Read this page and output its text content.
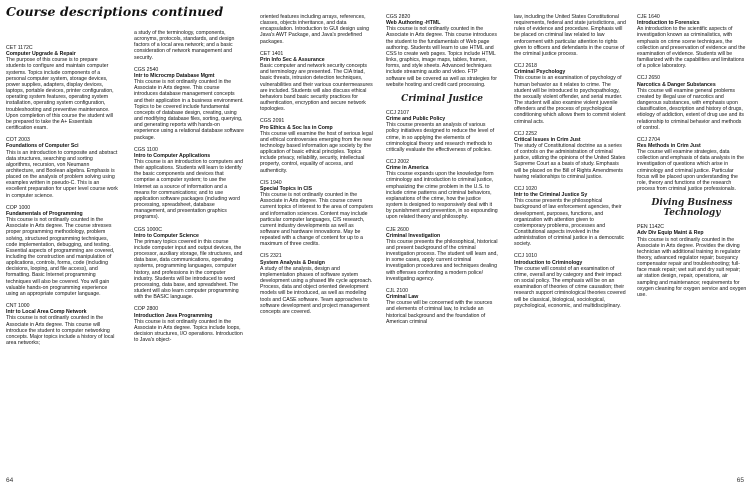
Course descriptions continued
CET 1172C
Computer Upgrade & Repair
The purpose of this course is to prepare students to configure and maintain computer systems. Topics include components of a personal computer system, storage devices, power supplies, adapters, display devices, laptops, portable devices, printer configuration, operating system features, operating system installation, operating system configuration, troubleshooting and preventive maintenance. Upon completion of this course the student will be prepared to take the A+ Essentials certification exam.
COT 2003
Foundations of Computer Sci
This is an introduction to composite and abstract data structures, searching and sorting algorithms, recursion, von Neumann architecture, and Boolean algebra. Emphasis is placed on the analysis of problem solving using examples written in pseudo-C. This is an excellent preparation for upper level course work in computer science.
COP 1000
Fundamentals of Programming
This course is not ordinarily counted in the Associate in Arts degree. The course stresses proper programming methodology, problem solving, structured programming techniques, code implementation, debugging, and testing. Essential aspects of programming are covered, including the construction and manipulation of applications, controls, forms, code (including decisions, looping, and file access), and formatting. Basic Internet programming techniques will also be covered. You will gain valuable hands-on programming experience using an appropriate computer language.
CNT 1000
Intr to Local Area Comp Network
This course is not ordinarily counted in the Associate in Arts degree. This course will introduce the student to computer networking concepts. Major topics include a history of local area networks;
a study of the terminology, components, acronyms, protocols, standards, and design factors of a local area network; and a basic consideration of network management and security.
CGS 2540
Intr to Microcmp Database Mgmt
This course is not ordinarily counted in the Associate in Arts degree. This course introduces database management concepts and their application in a business environment. Topics to be covered include fundamental concepts of database design, creating, using and modifying database files, sorting, querying, and generating reports with hands-on experience using a relational database software package.
CGS 1100
Intro to Computer Applications
This course is an introduction to computers and their applications. Students will learn to identify the basic components and devices that comprise a computer system; to use the Internet as a source of information and a means for communications; and to use application software packages (including word processing, spreadsheet, database management, and presentation graphics programs).
CGS 1000C
Intro to Computer Science
The primary topics covered in this course include computer input and output devices, the processor, auxiliary storage, file structures, and data base, data communications, operating systems, programming languages, computer history, and professions in the computer industry. Students will be introduced to word processing, data base, and spreadsheet. The student will also learn computer programming with the BASIC language.
COP 2800
Introduction Java Programming
This course is not ordinarily counted in the Associate in Arts degree. Topics include loops, decision structures, I/O operations. Introduction to Java's object-
oriented features including arrays, references, classes, objects inheritance, and data encapsulation. Introduction to GUI design using Java's AWT Package, and Java's predefined packages.
CET 1401
Prin Info Sec & Assurance
Basic computer and network security concepts and terminology are presented. The CIA triad, basic threats, intrusion detection techniques, vulnerabilities and their various countermeasures are included. Students will also discuss ethical behaviors band basic security practices for authentication, encryption and secure network topologies.
CGS 2091
Pro Ethics & Soc Iss in Comp
This course will examine the host of serious legal and ethical controversies emerging from the new technology based information age society by the application of basic ethical principles. Topics include privacy, reliability, security, intellectual property, control, equality of access, and authenticity.
CIS 1940
Special Topics in CIS
This course is not ordinarily counted in the Associate in Arts degree. This course covers current topics of interest to the area of computers and information sciences. Content may include particular computer languages, CIS research, current industry developments as well as software and hardware innovations. May be repeated with a change of content for up to a maximum of three credits.
CIS 2321
System Analysis & Design
A study of the analysis, design and implementation phases of software system development using a phased life cycle approach. Process, data and object oriented development models will be introduced, as well as modeling tools and CASE software. Team approaches to software development and project management concepts are covered.
CGS 2820
Web Authoring -HTML
This course is not ordinarily counted in the Associate in Arts degree. This course introduces the student to the fundamentals of Web page authoring. Students will learn to use HTML and CSS to create web pages. Topics include HTML links, graphics, image maps, tables, frames, forms, and style sheets. Advanced techniques include streaming audio and video. FTP software will be covered as well as strategies for website hosting and credit card processing.
Criminal Justice
CCJ 2107
Crime and Public Policy
This course presents an analysis of various policy initiatives designed to reduce the level of crime, in so applying the elements of criminological theory and research methods to critically evaluate the effectiveness of policies.
CCJ 2002
Crime in America
This course expands upon the knowledge form criminology and introduction to criminal justice, emphasizing the crime problem in the U.S. to include crime patterns and criminal behaviors, explanations of the crime, how the justice system is designed to responsively deal with it by punishment and prevention, in so expounding upon related theory and philosophy.
CJE 2600
Criminal Investigation
This course presents the philosophical, historical and present background of the criminal investigation process. The student will learn and, in some cases, apply current criminal investigation procedures and techniques dealing with offenses confronting a modern police/ investigating agency.
CJL 2100
Criminal Law
The course will be concerned with the sources and elements of criminal law, to include an historical background and the foundation of American criminal
law, including the United States Constitutional requirements, federal and state jurisdictions, and rules of evidence and procedure. Emphasis will be placed on criminal law related to law enforcement with particular attention to rights given to officers and defendants in the course of the criminal justice process.
CCJ 2618
Criminal Psychology
This course is an examination of psychology of human behavior as it relates to crime. The student will be introduced to psychopathology, the sexually violent offender, and serial murder. The student will also examine violent juvenile offenders and the process of psychological conditioning which allows them to commit violent criminal acts.
CCJ 2252
Critical Issues in Crim Just
The study of Constitutional doctrine as a series of controls on the administration of criminal justice, utilizing the opinions of the United States Supreme Court as a basis of study. Emphasis will be placed on the Bill of Rights Amendments having relationships to criminal justice.
CCJ 1020
Intr to the Criminal Justice Sy
This course presents the philosophical background of law enforcement agencies, their development, purposes, functions, and organization with attention given to contemporary problems, processes and Constitutional aspects involved in the administration of criminal justice in a democratic society.
CCJ 1010
Introduction to Criminology
The course will consist of an examination of crime, overall and by category and their impact on social policy. The emphasis will be on an examination of theories of crime causation; their research support criminological theories covered will be classical, biological, sociological, psychological, economic, and multidisciplinary.
CJE 1640
Introduction to Forensics
An introduction to the scientific aspects of investigation known as criminalistics, with emphasis on crime scene techniques, the collection and preservation of evidence and the examination of evidence. Students will be familiarized with the capabilities and limitations of a police laboratory.
CCJ 2650
Narcotics & Danger Substances
This course will examine general problems created by illegal use of narcotics and dangerous substances, with emphasis upon classification, description and history of drugs, etiology of addiction, extent of drug use and its relationship to criminal behavior and methods of control.
CCJ 2704
Res Methods in Crim Just
The course will examine strategies, data collection and emphasis of data analysis in the investigation of questions which arise in criminology and criminal justice. Particular focus will be placed upon understanding the role, theory and functions of the research process from criminal justice professionals.
Diving Business
Technology
PEN 1142C
Adv Div Equip Maint & Rep
This course is not ordinarily counted in the Associate in Arts degree. Provides the diving technician with additional training in regulator theory, advanced regulator repair; buoyancy compensator repair and troubleshooting; full-face mask repair; wet suit and dry suit repair; air station design, repair, operations, air sampling and maintenance; requirements for oxygen cleaning for oxygen service and oxygen use.
64	65
